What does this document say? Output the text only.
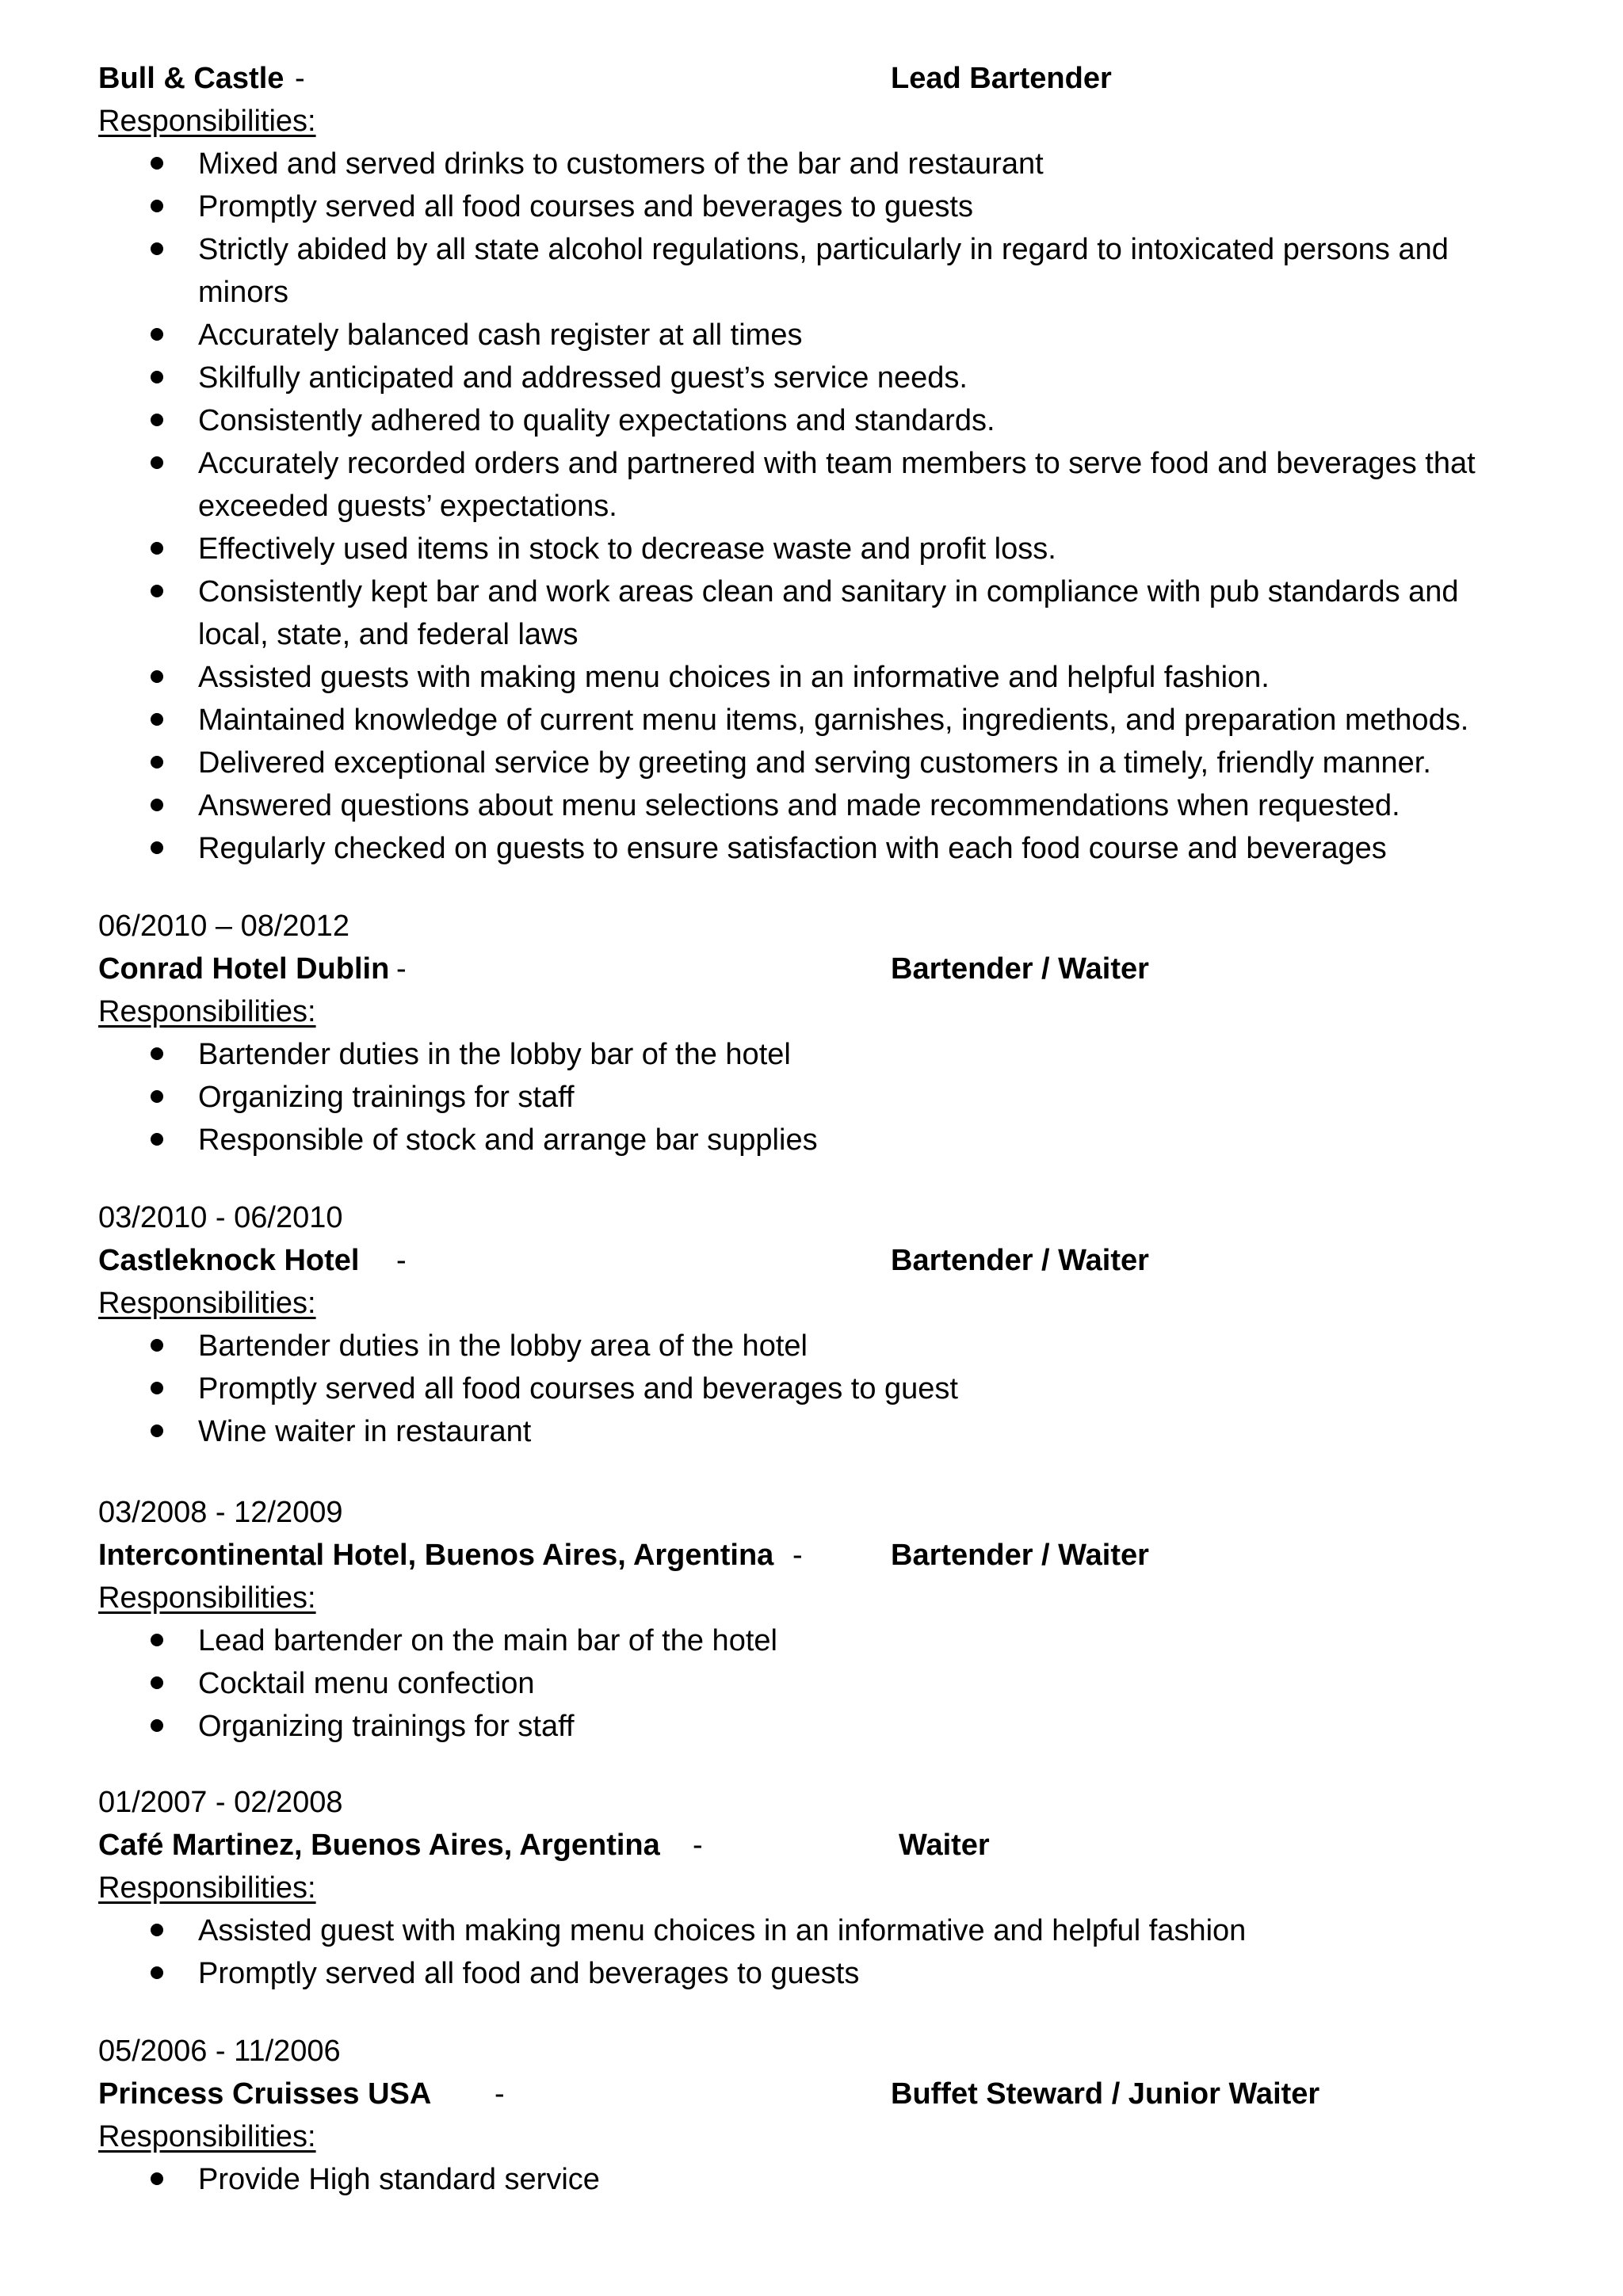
Bull & Castle -	Lead Bartender
Responsibilities:
Mixed and served drinks to customers of the bar and restaurant
Promptly served all food courses and beverages to guests
Strictly abided by all state alcohol regulations, particularly in regard to intoxicated persons and minors
Accurately balanced cash register at all times
Skilfully anticipated and addressed guest’s service needs.
Consistently adhered to quality expectations and standards.
Accurately recorded orders and partnered with team members to serve food and beverages that exceeded guests’ expectations.
Effectively used items in stock to decrease waste and profit loss.
Consistently kept bar and work areas clean and sanitary in compliance with pub standards and local, state, and federal laws
Assisted guests with making menu choices in an informative and helpful fashion.
Maintained knowledge of current menu items, garnishes, ingredients, and preparation methods.
Delivered exceptional service by greeting and serving customers in a timely, friendly manner.
Answered questions about menu selections and made recommendations when requested.
Regularly checked on guests to ensure satisfaction with each food course and beverages
06/2010 – 08/2012
Conrad Hotel Dublin -	Bartender / Waiter
Responsibilities:
Bartender duties in the lobby bar of the hotel
Organizing trainings for staff
Responsible of stock and arrange bar supplies
03/2010 - 06/2010
Castleknock Hotel -	Bartender / Waiter
Responsibilities:
Bartender duties in the lobby area of the hotel
Promptly served all food courses and beverages to guest
Wine waiter in restaurant
03/2008 - 12/2009
Intercontinental Hotel, Buenos Aires, Argentina -	Bartender / Waiter
Responsibilities:
Lead bartender on the main bar of the hotel
Cocktail menu confection
Organizing trainings for staff
01/2007 - 02/2008
Café Martinez, Buenos Aires, Argentina -	Waiter
Responsibilities:
Assisted guest with making menu choices in an informative and helpful fashion
Promptly served all food and beverages to guests
05/2006 - 11/2006
Princess Cruisses USA -	Buffet Steward / Junior Waiter
Responsibilities:
Provide High standard service
